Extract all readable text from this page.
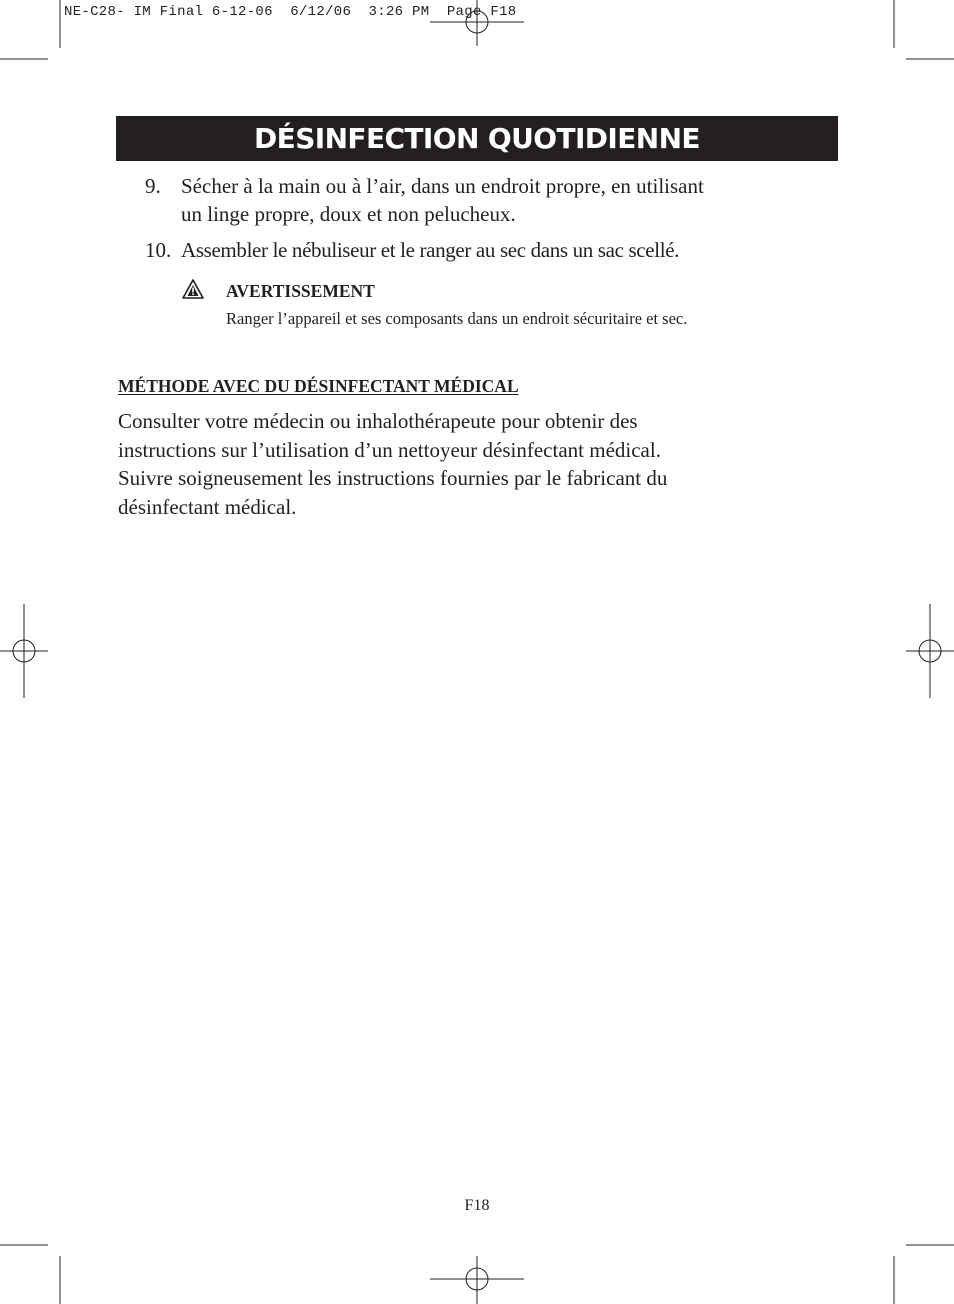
NE-C28- IM Final 6-12-06  6/12/06  3:26 PM  Page F18
DÉSINFECTION QUOTIDIENNE
9. Sécher à la main ou à l’air, dans un endroit propre, en utilisant
un linge propre, doux et non pelucheux.
10. Assembler le nébuliseur et le ranger au sec dans un sac scellé.
AVERTISSEMENT
Ranger l’appareil et ses composants dans un endroit sécuritaire et sec.
MÉTHODE AVEC DU DÉSINFECTANT MÉDICAL
Consulter votre médecin ou inhalothérapeute pour obtenir des
instructions sur l’utilisation d’un nettoyeur désinfectant médical.
Suivre soigneusement les instructions fournies par le fabricant du
désinfectant médical.
F18
